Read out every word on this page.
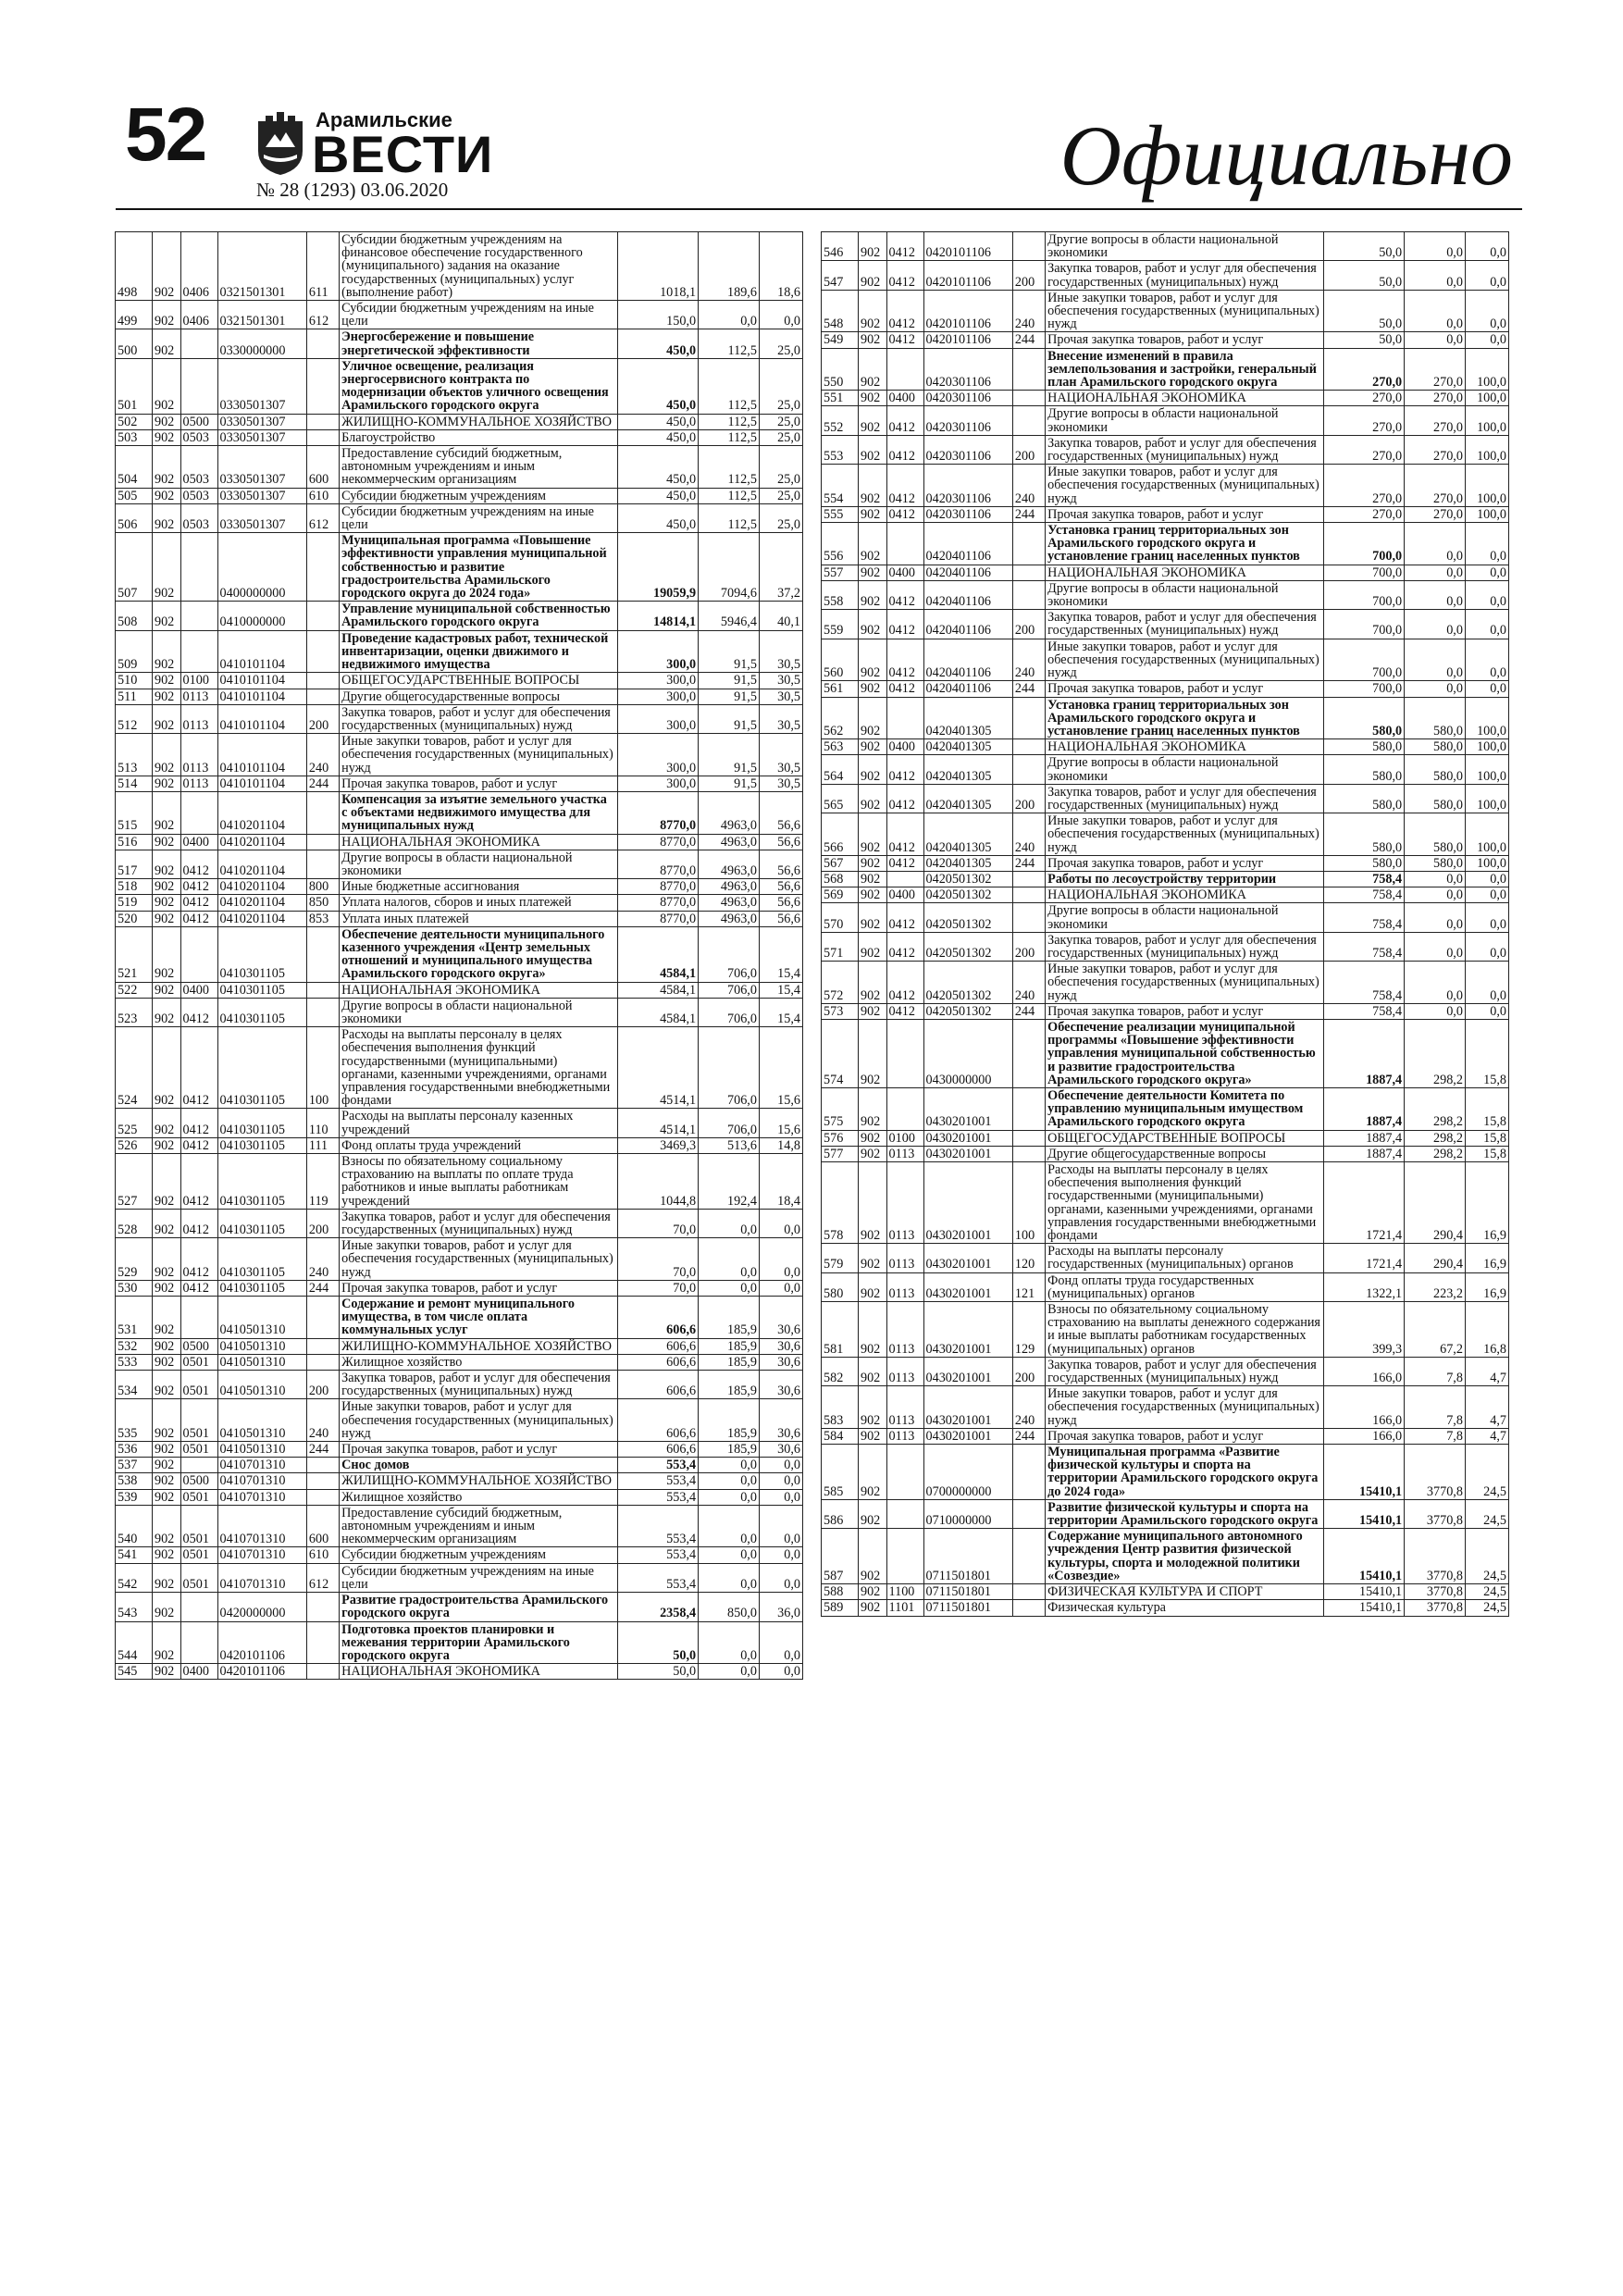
52	Арамильские
ВЕСТИ
№ 28 (1293) 03.06.2020	Официально
498	902	0406	0321501301	611	Субсидии бюджетным учреждениям на финансовое обеспечение государственного (муниципального) задания на оказание государственных (муниципальных) услуг (выполнение работ)	1018,1	189,6	18,6
499	902	0406	0321501301	612	Субсидии бюджетным учреждениям на иные цели	150,0	0,0	0,0
500	902		0330000000		Энергосбережение и повышение энергетической эффективности	450,0	112,5	25,0
501	902		0330501307		Уличное освещение, реализация энергосервисного контракта по модернизации объектов уличного освещения Арамильского городского округа	450,0	112,5	25,0
502	902	0500	0330501307		ЖИЛИЩНО-КОММУНАЛЬНОЕ ХОЗЯЙСТВО	450,0	112,5	25,0
503	902	0503	0330501307		Благоустройство	450,0	112,5	25,0
504	902	0503	0330501307	600	Предоставление субсидий бюджетным, автономным учреждениям и иным некоммерческим организациям	450,0	112,5	25,0
505	902	0503	0330501307	610	Субсидии бюджетным учреждениям	450,0	112,5	25,0
506	902	0503	0330501307	612	Субсидии бюджетным учреждениям на иные цели	450,0	112,5	25,0
507	902		0400000000		Муниципальная программа «Повышение эффективности управления муниципальной собственностью и развитие градостроительства Арамильского городского округа до 2024 года»	19059,9	7094,6	37,2
508	902		0410000000		Управление муниципальной собственностью Арамильского городского округа	14814,1	5946,4	40,1
509	902		0410101104		Проведение кадастровых работ, технической инвентаризации, оценки движимого и недвижимого имущества	300,0	91,5	30,5
510	902	0100	0410101104		ОБЩЕГОСУДАРСТВЕННЫЕ ВОПРОСЫ	300,0	91,5	30,5
511	902	0113	0410101104		Другие общегосударственные вопросы	300,0	91,5	30,5
512	902	0113	0410101104	200	Закупка товаров, работ и услуг для обеспечения государственных (муниципальных) нужд	300,0	91,5	30,5
513	902	0113	0410101104	240	Иные закупки товаров, работ и услуг для обеспечения государственных (муниципальных) нужд	300,0	91,5	30,5
514	902	0113	0410101104	244	Прочая закупка товаров, работ и услуг	300,0	91,5	30,5
515	902		0410201104		Компенсация за изъятие земельного участка с объектами недвижимого имущества для муниципальных нужд	8770,0	4963,0	56,6
516	902	0400	0410201104		НАЦИОНАЛЬНАЯ ЭКОНОМИКА	8770,0	4963,0	56,6
517	902	0412	0410201104		Другие вопросы в области национальной экономики	8770,0	4963,0	56,6
518	902	0412	0410201104	800	Иные бюджетные ассигнования	8770,0	4963,0	56,6
519	902	0412	0410201104	850	Уплата налогов, сборов и иных платежей	8770,0	4963,0	56,6
520	902	0412	0410201104	853	Уплата иных платежей	8770,0	4963,0	56,6
521	902		0410301105		Обеспечение деятельности муниципального казенного учреждения «Центр земельных отношений и муниципального имущества Арамильского городского округа»	4584,1	706,0	15,4
522	902	0400	0410301105		НАЦИОНАЛЬНАЯ ЭКОНОМИКА	4584,1	706,0	15,4
523	902	0412	0410301105		Другие вопросы в области национальной экономики	4584,1	706,0	15,4
524	902	0412	0410301105	100	Расходы на выплаты персоналу в целях обеспечения выполнения функций государственными (муниципальными) органами, казенными учреждениями, органами управления государственными внебюджетными фондами	4514,1	706,0	15,6
525	902	0412	0410301105	110	Расходы на выплаты персоналу казенных учреждений	4514,1	706,0	15,6
526	902	0412	0410301105	111	Фонд оплаты труда учреждений	3469,3	513,6	14,8
527	902	0412	0410301105	119	Взносы по обязательному социальному страхованию на выплаты по оплате труда работников и иные выплаты работникам учреждений	1044,8	192,4	18,4
528	902	0412	0410301105	200	Закупка товаров, работ и услуг для обеспечения государственных (муниципальных) нужд	70,0	0,0	0,0
529	902	0412	0410301105	240	Иные закупки товаров, работ и услуг для обеспечения государственных (муниципальных) нужд	70,0	0,0	0,0
530	902	0412	0410301105	244	Прочая закупка товаров, работ и услуг	70,0	0,0	0,0
531	902		0410501310		Содержание и ремонт муниципального имущества, в том числе оплата коммунальных услуг	606,6	185,9	30,6
532	902	0500	0410501310		ЖИЛИЩНО-КОММУНАЛЬНОЕ ХОЗЯЙСТВО	606,6	185,9	30,6
533	902	0501	0410501310		Жилищное хозяйство	606,6	185,9	30,6
534	902	0501	0410501310	200	Закупка товаров, работ и услуг для обеспечения государственных (муниципальных) нужд	606,6	185,9	30,6
535	902	0501	0410501310	240	Иные закупки товаров, работ и услуг для обеспечения государственных (муниципальных) нужд	606,6	185,9	30,6
536	902	0501	0410501310	244	Прочая закупка товаров, работ и услуг	606,6	185,9	30,6
537	902		0410701310		Снос домов	553,4	0,0	0,0
538	902	0500	0410701310		ЖИЛИЩНО-КОММУНАЛЬНОЕ ХОЗЯЙСТВО	553,4	0,0	0,0
539	902	0501	0410701310		Жилищное хозяйство	553,4	0,0	0,0
540	902	0501	0410701310	600	Предоставление субсидий бюджетным, автономным учреждениям и иным некоммерческим организациям	553,4	0,0	0,0
541	902	0501	0410701310	610	Субсидии бюджетным учреждениям	553,4	0,0	0,0
542	902	0501	0410701310	612	Субсидии бюджетным учреждениям на иные цели	553,4	0,0	0,0
543	902		0420000000		Развитие градостроительства Арамильского городского округа	2358,4	850,0	36,0
544	902		0420101106		Подготовка проектов планировки и межевания территории Арамильского городского округа	50,0	0,0	0,0
545	902	0400	0420101106		НАЦИОНАЛЬНАЯ ЭКОНОМИКА	50,0	0,0	0,0
546	902	0412	0420101106		Другие вопросы в области национальной экономики	50,0	0,0	0,0
547	902	0412	0420101106	200	Закупка товаров, работ и услуг для обеспечения государственных (муниципальных) нужд	50,0	0,0	0,0
548	902	0412	0420101106	240	Иные закупки товаров, работ и услуг для обеспечения государственных (муниципальных) нужд	50,0	0,0	0,0
549	902	0412	0420101106	244	Прочая закупка товаров, работ и услуг	50,0	0,0	0,0
550	902		0420301106		Внесение изменений в правила землепользования и застройки, генеральный план Арамильского городского округа	270,0	270,0	100,0
551	902	0400	0420301106		НАЦИОНАЛЬНАЯ ЭКОНОМИКА	270,0	270,0	100,0
552	902	0412	0420301106		Другие вопросы в области национальной экономики	270,0	270,0	100,0
553	902	0412	0420301106	200	Закупка товаров, работ и услуг для обеспечения государственных (муниципальных) нужд	270,0	270,0	100,0
554	902	0412	0420301106	240	Иные закупки товаров, работ и услуг для обеспечения государственных (муниципальных) нужд	270,0	270,0	100,0
555	902	0412	0420301106	244	Прочая закупка товаров, работ и услуг	270,0	270,0	100,0
556	902		0420401106		Установка границ территориальных зон Арамильского городского округа и установление границ населенных пунктов	700,0	0,0	0,0
557	902	0400	0420401106		НАЦИОНАЛЬНАЯ ЭКОНОМИКА	700,0	0,0	0,0
558	902	0412	0420401106		Другие вопросы в области национальной экономики	700,0	0,0	0,0
559	902	0412	0420401106	200	Закупка товаров, работ и услуг для обеспечения государственных (муниципальных) нужд	700,0	0,0	0,0
560	902	0412	0420401106	240	Иные закупки товаров, работ и услуг для обеспечения государственных (муниципальных) нужд	700,0	0,0	0,0
561	902	0412	0420401106	244	Прочая закупка товаров, работ и услуг	700,0	0,0	0,0
562	902		0420401305		Установка границ территориальных зон Арамильского городского округа и установление границ населенных пунктов	580,0	580,0	100,0
563	902	0400	0420401305		НАЦИОНАЛЬНАЯ ЭКОНОМИКА	580,0	580,0	100,0
564	902	0412	0420401305		Другие вопросы в области национальной экономики	580,0	580,0	100,0
565	902	0412	0420401305	200	Закупка товаров, работ и услуг для обеспечения государственных (муниципальных) нужд	580,0	580,0	100,0
566	902	0412	0420401305	240	Иные закупки товаров, работ и услуг для обеспечения государственных (муниципальных) нужд	580,0	580,0	100,0
567	902	0412	0420401305	244	Прочая закупка товаров, работ и услуг	580,0	580,0	100,0
568	902		0420501302		Работы по лесоустройству территории	758,4	0,0	0,0
569	902	0400	0420501302		НАЦИОНАЛЬНАЯ ЭКОНОМИКА	758,4	0,0	0,0
570	902	0412	0420501302		Другие вопросы в области национальной экономики	758,4	0,0	0,0
571	902	0412	0420501302	200	Закупка товаров, работ и услуг для обеспечения государственных (муниципальных) нужд	758,4	0,0	0,0
572	902	0412	0420501302	240	Иные закупки товаров, работ и услуг для обеспечения государственных (муниципальных) нужд	758,4	0,0	0,0
573	902	0412	0420501302	244	Прочая закупка товаров, работ и услуг	758,4	0,0	0,0
574	902		0430000000		Обеспечение реализации муниципальной программы «Повышение эффективности управления муниципальной собственностью и развитие градостроительства Арамильского городского округа»	1887,4	298,2	15,8
575	902		0430201001		Обеспечение деятельности Комитета по управлению муниципальным имуществом Арамильского городского округа	1887,4	298,2	15,8
576	902	0100	0430201001		ОБЩЕГОСУДАРСТВЕННЫЕ ВОПРОСЫ	1887,4	298,2	15,8
577	902	0113	0430201001		Другие общегосударственные вопросы	1887,4	298,2	15,8
578	902	0113	0430201001	100	Расходы на выплаты персоналу в целях обеспечения выполнения функций государственными (муниципальными) органами, казенными учреждениями, органами управления государственными внебюджетными фондами	1721,4	290,4	16,9
579	902	0113	0430201001	120	Расходы на выплаты персоналу государственных (муниципальных) органов	1721,4	290,4	16,9
580	902	0113	0430201001	121	Фонд оплаты труда государственных (муниципальных) органов	1322,1	223,2	16,9
581	902	0113	0430201001	129	Взносы по обязательному социальному страхованию на выплаты денежного содержания и иные выплаты работникам государственных (муниципальных) органов	399,3	67,2	16,8
582	902	0113	0430201001	200	Закупка товаров, работ и услуг для обеспечения государственных (муниципальных) нужд	166,0	7,8	4,7
583	902	0113	0430201001	240	Иные закупки товаров, работ и услуг для обеспечения государственных (муниципальных) нужд	166,0	7,8	4,7
584	902	0113	0430201001	244	Прочая закупка товаров, работ и услуг	166,0	7,8	4,7
585	902		0700000000		Муниципальная программа «Развитие физической культуры и спорта на территории Арамильского городского округа до 2024 года»	15410,1	3770,8	24,5
586	902		0710000000		Развитие физической культуры и спорта на территории Арамильского городского округа	15410,1	3770,8	24,5
587	902		0711501801		Содержание муниципального автономного учреждения Центр развития физической культуры, спорта и молодежной политики «Созвездие»	15410,1	3770,8	24,5
588	902	1100	0711501801		ФИЗИЧЕСКАЯ КУЛЬТУРА И СПОРТ	15410,1	3770,8	24,5
589	902	1101	0711501801		Физическая культура	15410,1	3770,8	24,5
